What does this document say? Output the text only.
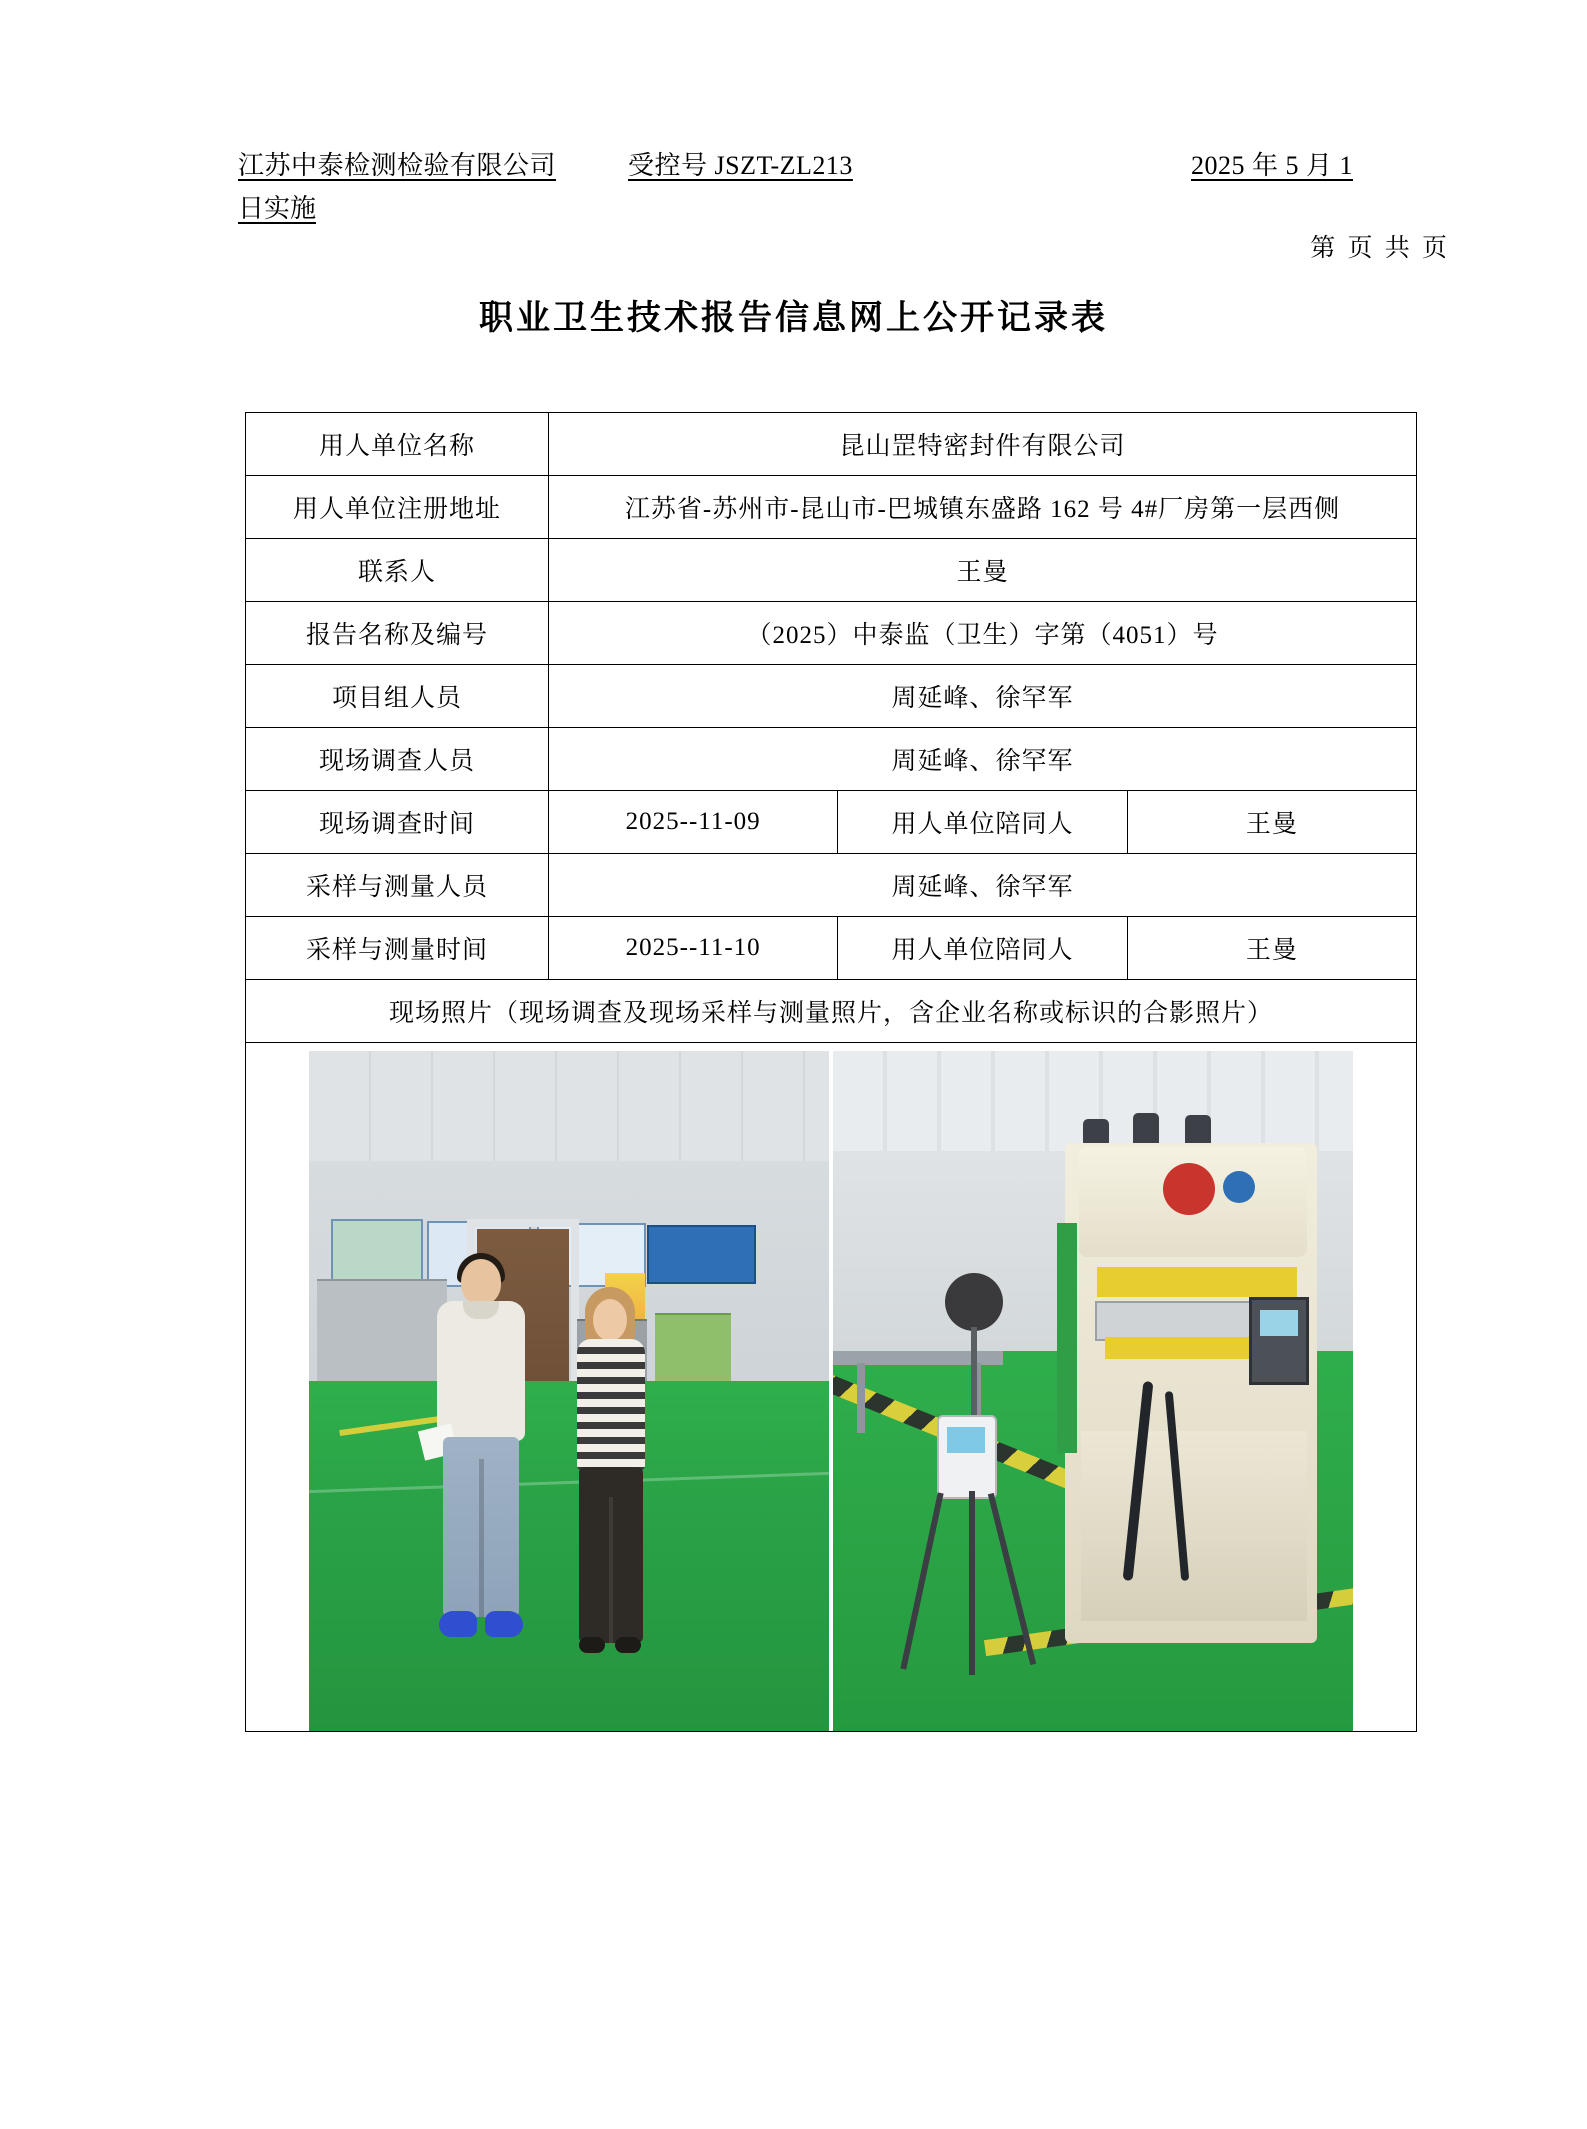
江苏中泰检测检验有限公司	受控号 JSZT-ZL213	2025 年 5 月 1
日实施
第 页 共 页
职业卫生技术报告信息网上公开记录表
用人单位名称	昆山罡特密封件有限公司		
用人单位注册地址	江苏省-苏州市-昆山市-巴城镇东盛路 162 号 4#厂房第一层西侧		
联系人	王曼		
报告名称及编号	（2025）中泰监（卫生）字第（4051）号		
项目组人员	周延峰、徐罕军		
现场调查人员	周延峰、徐罕军		
现场调查时间	2025--11-09	用人单位陪同人	王曼
采样与测量人员	周延峰、徐罕军		
采样与测量时间	2025--11-10	用人单位陪同人	王曼
现场照片（现场调查及现场采样与测量照片，含企业名称或标识的合影照片）			
